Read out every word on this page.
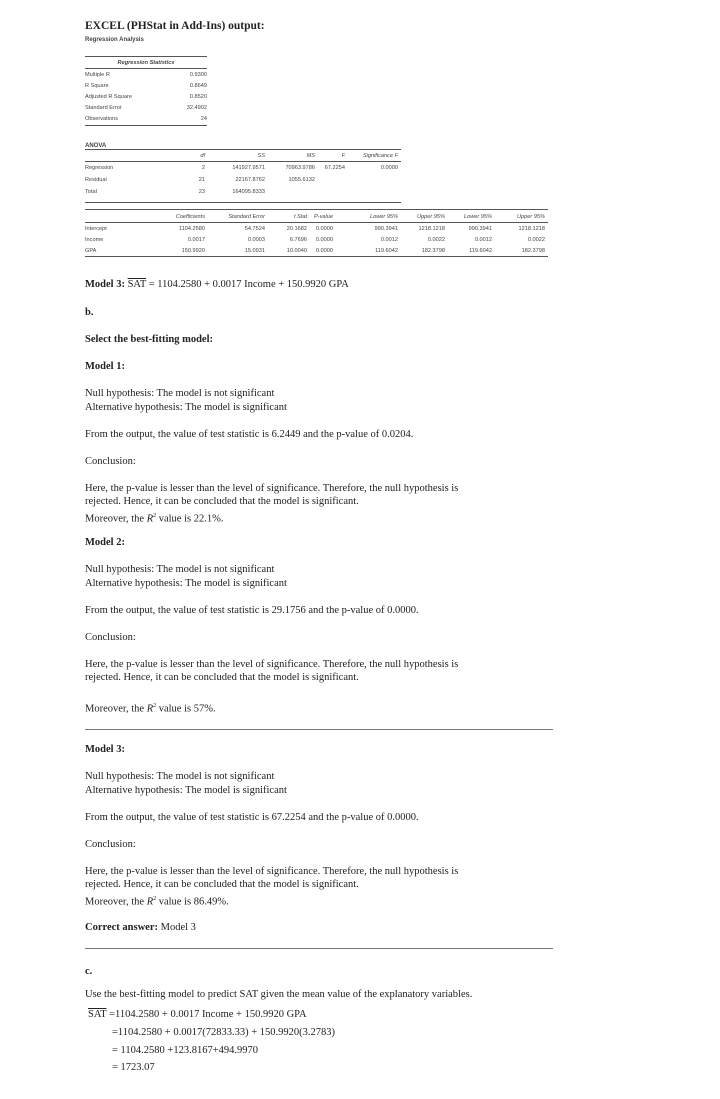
EXCEL (PHStat in Add-Ins) output:
Regression Analysis
Regression Statistics
Multiple R	0.9300
R Square	0.8649
Adjusted R Square	0.8520
Standard Error	32.4902
Observations	24
ANOVA
df	SS	MS	F	Significance F
Regression	2	141927.9571	70963.9786 67.2254	0.0000
Residual	21	22167.8762	1055.6132
Total	23	164095.8333
Coefficients	Standard Error	t Stat P-value	Lower 95%	Upper 95%	Lower 95%	Upper 95%
Intercept	1104.2580	54.7524	20.1682 0.0000	990.3941	1218.1218	990.3941	1218.1218
Income	0.0017	0.0003	6.7696 0.0000	0.0012	0.0022	0.0012	0.0022
GPA	150.9920	15.0931	10.0040 0.0000	119.6042	182.3798	119.6042	182.3798
Model 3: $\overline{SAT} = 1104.2580 + 0.0017$ Income + 150.9920 GPA
b.
Select the best-fitting model:
Model 1:
Null hypothesis: The model is not significant
Alternative hypothesis: The model is significant
From the output, the value of test statistic is 6.2449 and the p-value of 0.0204.
Conclusion:
Here, the p-value is lesser than the level of significance. Therefore, the null hypothesis is
rejected. Hence, it can be concluded that the model is significant.
Moreover, the $R^2$ value is 22.1%.
Model 2:
Null hypothesis: The model is not significant
Alternative hypothesis: The model is significant
From the output, the value of test statistic is 29.1756 and the p-value of 0.0000.
Conclusion:
Here, the p-value is lesser than the level of significance. Therefore, the null hypothesis is
rejected. Hence, it can be concluded that the model is significant.
Moreover, the $R^2$ value is 57%.
Model 3:
Null hypothesis: The model is not significant
Alternative hypothesis: The model is significant
From the output, the value of test statistic is 67.2254 and the p-value of 0.0000.
Conclusion:
Here, the p-value is lesser than the level of significance. Therefore, the null hypothesis is
rejected. Hence, it can be concluded that the model is significant.
Moreover, the $R^2$ value is 86.49%.
Correct answer: Model 3
c.
Use the best-fitting model to predict SAT given the mean value of the explanatory variables.
$\overline{SAT} =1104.2580 + 0.0017$ Income + 150.9920 GPA
=1104.2580 + 0.0017(72833.33) + 150.9920(3.2783)
= 1104.2580 +123.8167+494.9970
= 1723.07
